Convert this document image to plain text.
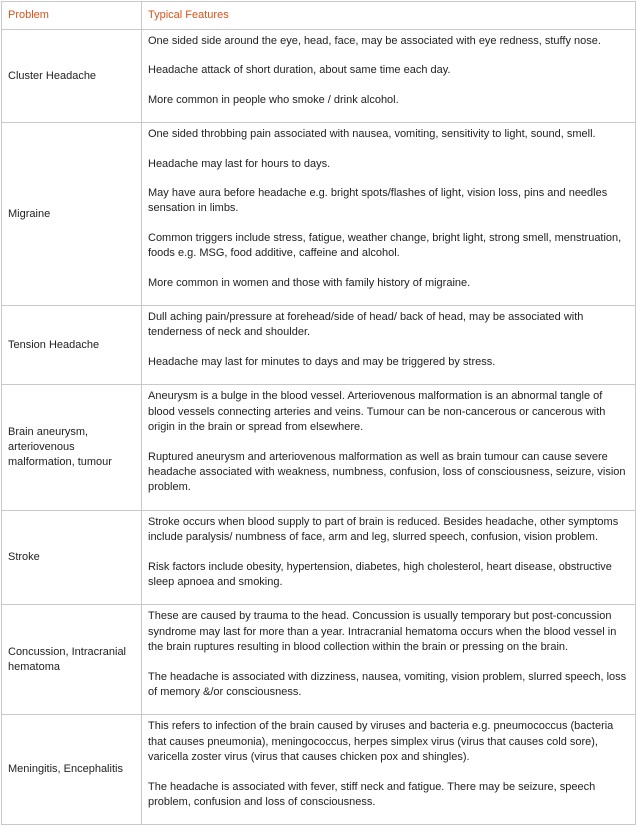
Problem	Typical Features
Cluster Headache	One sided side around the eye, head, face, may be associated with eye redness, stuffy nose.

Headache attack of short duration, about same time each day.

More common in people who smoke / drink alcohol.

Migraine	One sided throbbing pain associated with nausea, vomiting, sensitivity to light, sound, smell.

Headache may last for hours to days.

May have aura before headache e.g. bright spots/flashes of light, vision loss, pins and needles sensation in limbs.

Common triggers include stress, fatigue, weather change, bright light, strong smell, menstruation, foods e.g. MSG, food additive, caffeine and alcohol.

More common in women and those with family history of migraine.

Tension Headache	Dull aching pain/pressure at forehead/side of head/ back of head, may be associated with tenderness of neck and shoulder.

Headache may last for minutes to days and may be triggered by stress.

Brain aneurysm, arteriovenous malformation, tumour	Aneurysm is a bulge in the blood vessel. Arteriovenous malformation is an abnormal tangle of blood vessels connecting arteries and veins. Tumour can be non-cancerous or cancerous with origin in the brain or spread from elsewhere.

Ruptured aneurysm and arteriovenous malformation as well as brain tumour can cause severe headache associated with weakness, numbness, confusion, loss of consciousness, seizure, vision problem.

Stroke	Stroke occurs when blood supply to part of brain is reduced. Besides headache, other symptoms include paralysis/ numbness of face, arm and leg, slurred speech, confusion, vision problem.

Risk factors include obesity, hypertension, diabetes, high cholesterol, heart disease, obstructive sleep apnoea and smoking.

Concussion, Intracranial hematoma	These are caused by trauma to the head. Concussion is usually temporary but post-concussion syndrome may last for more than a year. Intracranial hematoma occurs when the blood vessel in the brain ruptures resulting in blood collection within the brain or pressing on the brain.

The headache is associated with dizziness, nausea, vomiting, vision problem, slurred speech, loss of memory &/or consciousness.

Meningitis, Encephalitis	This refers to infection of the brain caused by viruses and bacteria e.g. pneumococcus (bacteria that causes pneumonia), meningococcus, herpes simplex virus (virus that causes cold sore), varicella zoster virus (virus that causes chicken pox and shingles).

The headache is associated with fever, stiff neck and fatigue. There may be seizure, speech problem, confusion and loss of consciousness.
